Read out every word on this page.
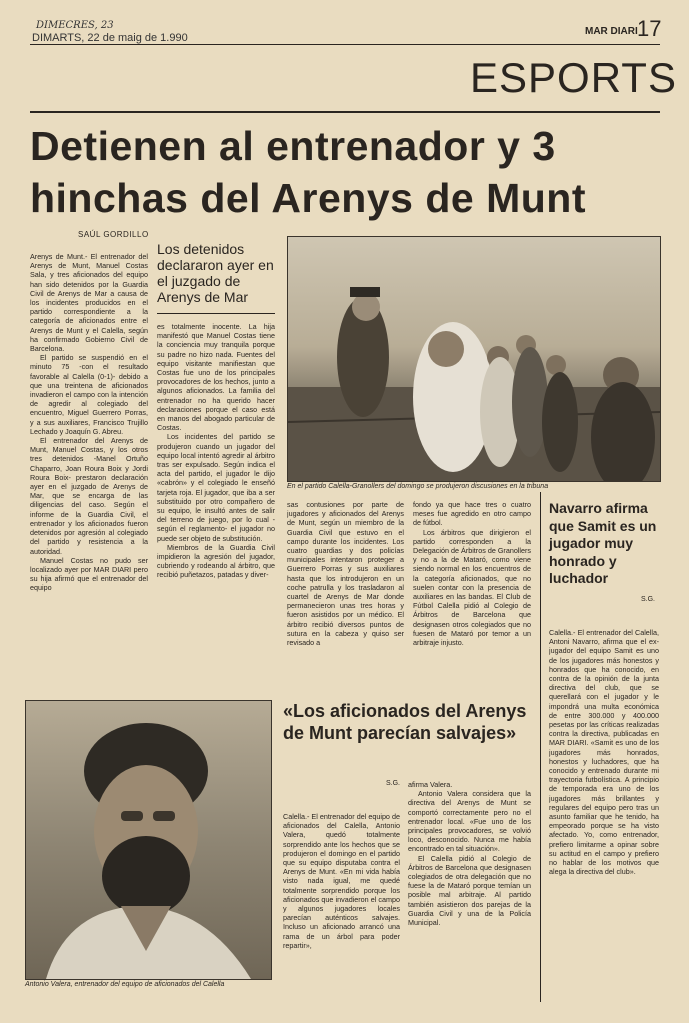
DIMECRES, 23
DIMARTS, 22 de maig de 1.990
MAR DIARI 17
ESPORTS
Detienen al entrenador y 3 hinchas del Arenys de Munt
SAÚL GORDILLO
Los detenidos declararon ayer en el juzgado de Arenys de Mar

Arenys de Munt.- El entrenador del Arenys de Munt, Manuel Costas Sala, y tres aficionados del equipo han sido detenidos por la Guardia Civil de Arenys de Mar a causa de los incidentes producidos en el partido correspondiente a la categoría de aficionados entre el Arenys de Munt y el Calella, según ha confirmado Gobierno Civil de Barcelona.

El partido se suspendió en el minuto 75 -con el resultado favorable al Calella (0-1)- debido a que una treintena de aficionados invadieron el campo con la intención de agredir al colegiado del encuentro, Miguel Guerrero Porras, y a sus auxiliares, Francisco Trujillo Lechado y Joaquín G. Abreu.

El entrenador del Arenys de Munt, Manuel Costas, y los otros tres detenidos -Manel Ortuño Chaparro, Joan Roura Boix y Jordi Roura Boix- prestaron declaración ayer en el juzgado de Arenys de Mar, que se encarga de las diligencias del caso. Según el informe de la Guardia Civil, el entrenador y los aficionados fueron detenidos por agresión al colegiado del partido y resistencia a la autoridad.

Manuel Costas no pudo ser localizado ayer por MAR DIARI pero su hija afirmó que el entrenador del equipo

es totalmente inocente. La hija manifestó que Manuel Costas tiene la conciencia muy tranquila porque su padre no hizo nada. Fuentes del equipo visitante manifiestan que Costas fue uno de los principales provocadores de los hechos, junto a algunos aficionados. La familia del entrenador no ha querido hacer declaraciones porque el caso está en manos del abogado particular de Costas.

Los incidentes del partido se produjeron cuando un jugador del equipo local intentó agredir al árbitro tras ser expulsado. Según indica el acta del partido, el jugador le dijo «cabrón» y el colegiado le enseñó tarjeta roja. El jugador, que iba a ser substituido por otro compañero de su equipo, le insultó antes de salir del terreno de juego, por lo cual -según el reglamento- el jugador no puede ser objeto de substitución.

Miembros de la Guardia Civil impidieron la agresión del jugador, cubriendo y rodeando al árbitro, que recibió puñetazos, patadas y diver-

En el partido Calella-Granollers del domingo se produjeron discusiones en la tribuna

sas contusiones por parte de jugadores y aficionados del Arenys de Munt, según un miembro de la Guardia Civil que estuvo en el campo durante los incidentes. Los cuatro guardias y dos policías municipales intentaron proteger a Guerrero Porras y sus auxiliares hasta que los introdujeron en un coche patrulla y los trasladaron al cuartel de Arenys de Mar donde permanecieron unas tres horas y fueron asistidos por un médico. El árbitro recibió diversos puntos de sutura en la cabeza y quiso ser revisado a

fondo ya que hace tres o cuatro meses fue agredido en otro campo de fútbol.

Los árbitros que dirigieron el partido corresponden a la Delegación de Árbitros de Granollers y no a la de Mataró, como viene siendo normal en los encuentros de la categoría aficionados, que no suelen contar con la presencia de auxiliares en las bandas. El Club de Fútbol Calella pidió al Colegio de Árbitros de Barcelona que designasen otros colegiados que no fuesen de Mataró por temor a un arbitraje injusto.

Navarro afirma que Samit es un jugador muy honrado y luchador
S.G.

Calella.- El entrenador del Calella, Antoni Navarro, afirma que el ex-jugador del equipo Samit es uno de los jugadores más honestos y honrados que ha conocido, en contra de la opinión de la junta directiva del club, que se querellará con el jugador y le impondrá una multa económica de entre 300.000 y 400.000 pesetas por las críticas realizadas contra la directiva, publicadas en MAR DIARI. «Samit es uno de los jugadores más honrados, honestos y luchadores, que ha conocido y entrenado durante mi trayectoria futbolística. A principio de temporada era uno de los jugadores más brillantes y regulares del equipo pero tras un asunto familiar que he tenido, ha empeorado porque se ha visto afectado. Yo, como entrenador, prefiero limitarme a opinar sobre su actitud en el campo y prefiero no hablar de los motivos que alega la directiva del club».

Antonio Valera, entrenador del equipo de aficionados del Calella
«Los aficionados del Arenys de Munt parecían salvajes»
S.G.

Calella.- El entrenador del equipo de aficionados del Calella, Antonio Valera, quedó totalmente sorprendido ante los hechos que se produjeron el domingo en el partido que su equipo disputaba contra el Arenys de Munt. «En mi vida había visto nada igual, me quedé totalmente sorprendido porque los aficionados que invadieron el campo y algunos jugadores locales parecían auténticos salvajes. Incluso un aficionado arrancó una rama de un árbol para poder repartir»,

afirma Valera.

Antonio Valera considera que la directiva del Arenys de Munt se comportó correctamente pero no el entrenador local. «Fue uno de los principales provocadores, se volvió loco, desconocido. Nunca me había encontrado en tal situación».

El Calella pidió al Colegio de Árbitros de Barcelona que designasen colegiados de otra delegación que no fuese la de Mataró porque temían un posible mal arbitraje. Al partido también asistieron dos parejas de la Guardia Civil y una de la Policía Municipal.
